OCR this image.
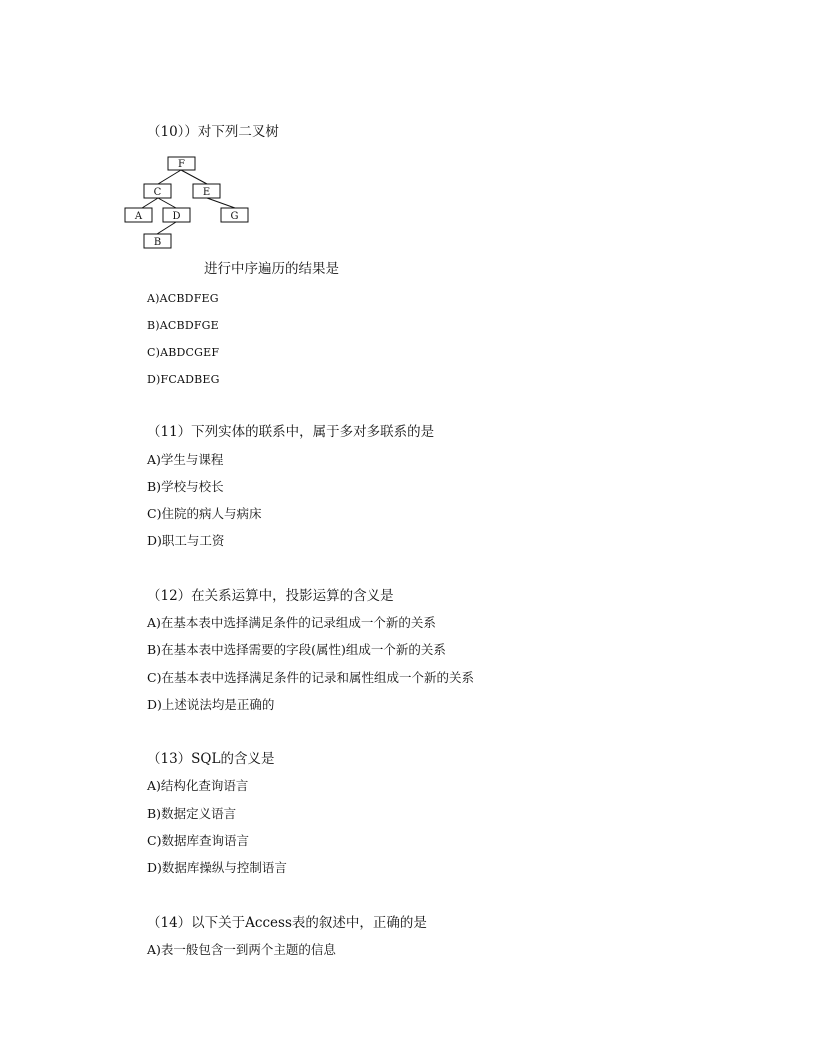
（10））对下列二叉树
F
C	E
A	D	G
B
进行中序遍历的结果是
A)ACBDFEG
B)ACBDFGE
C)ABDCGEF
D)FCADBEG
（11）下列实体的联系中，属于多对多联系的是
A)学生与课程
B)学校与校长
C)住院的病人与病床
D)职工与工资
（12）在关系运算中，投影运算的含义是
A)在基本表中选择满足条件的记录组成一个新的关系
B)在基本表中选择需要的字段(属性)组成一个新的关系
C)在基本表中选择满足条件的记录和属性组成一个新的关系
D)上述说法均是正确的
（13）SQL的含义是
A)结构化查询语言
B)数据定义语言
C)数据库查询语言
D)数据库操纵与控制语言
（14）以下关于Access表的叙述中，正确的是
A)表一般包含一到两个主题的信息
